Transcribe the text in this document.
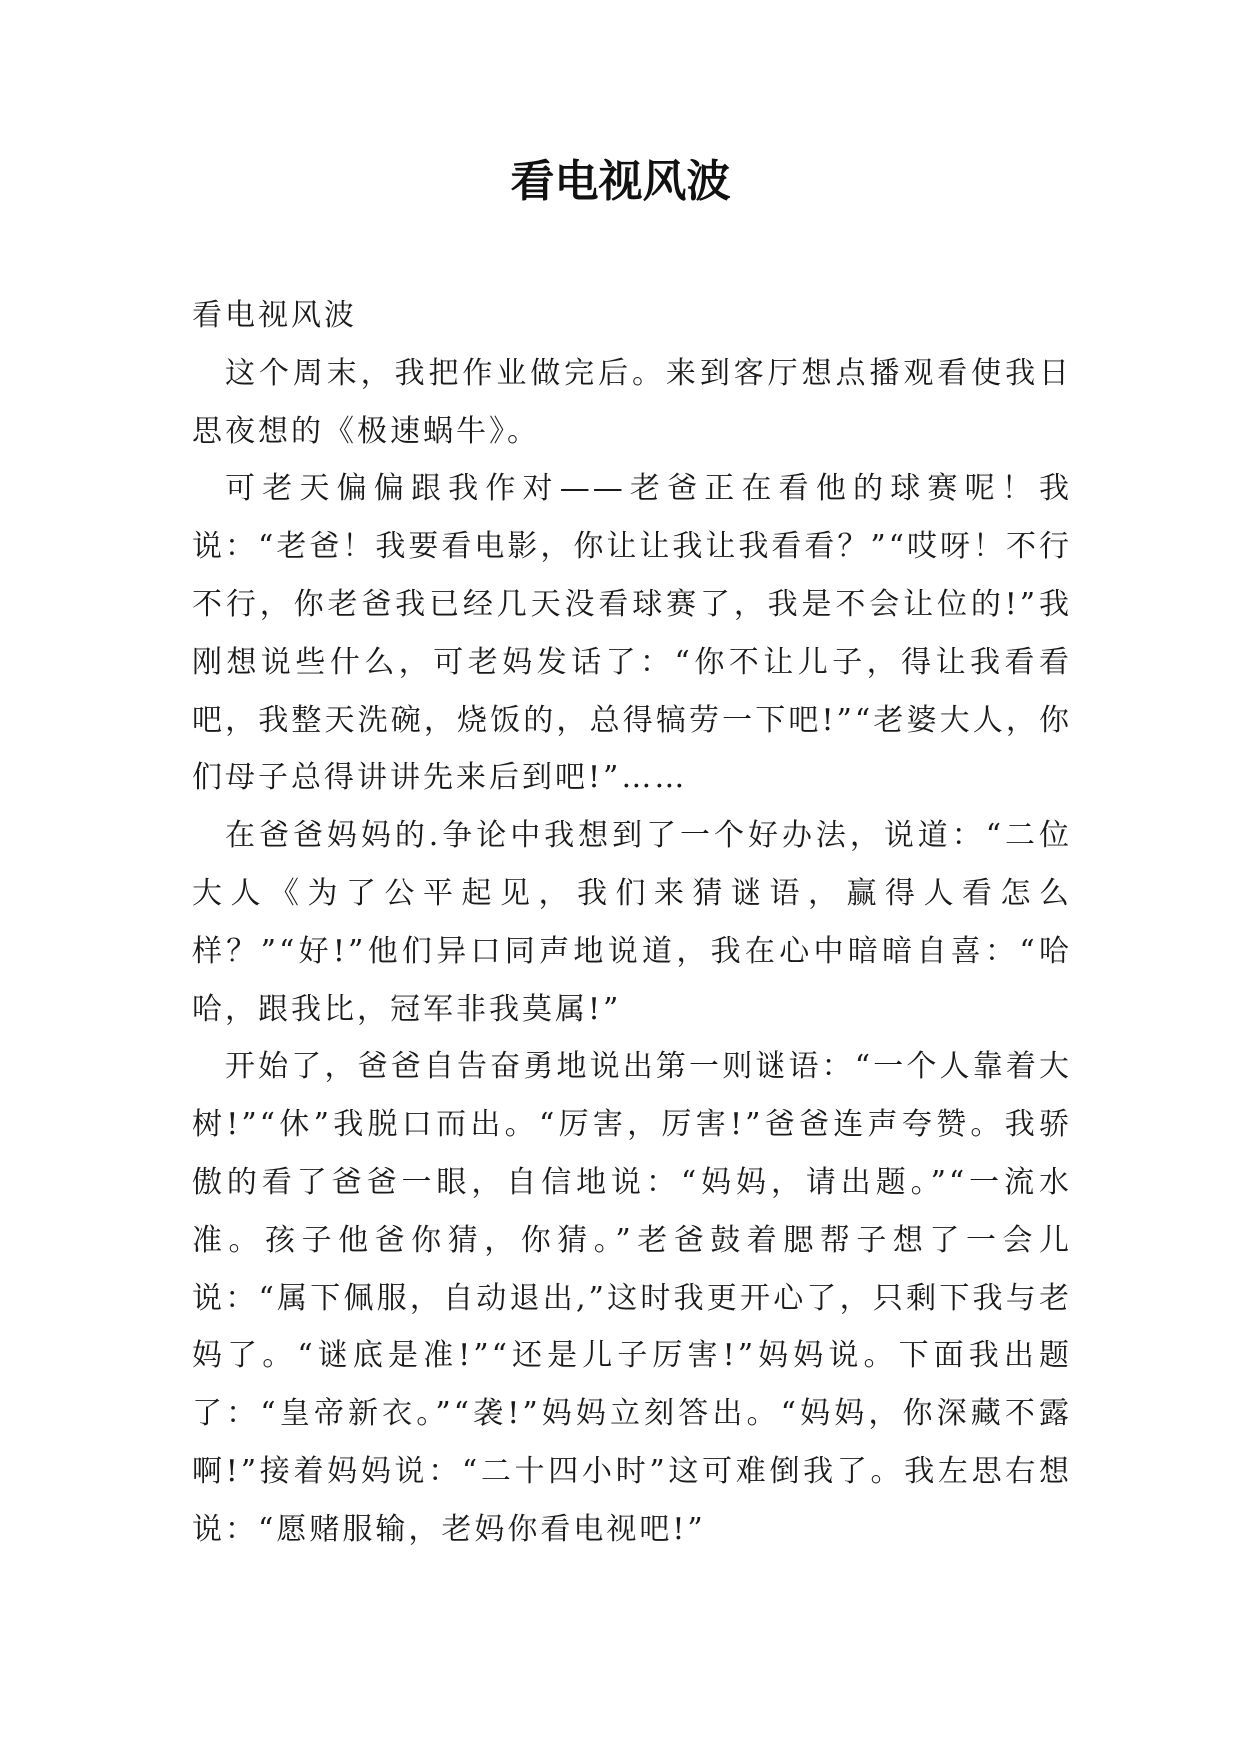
看电视风波

看电视风波

这个周末，我把作业做完后。来到客厅想点播观看使我日思夜想的《极速蜗牛》。

可老天偏偏跟我作对——老爸正在看他的球赛呢！我说：“老爸！我要看电影，你让让我让我看看？”“哎呀！不行不行，你老爸我已经几天没看球赛了，我是不会让位的!”我刚想说些什么，可老妈发话了：“你不让儿子，得让我看看吧，我整天洗碗，烧饭的，总得犒劳一下吧!”“老婆大人，你们母子总得讲讲先来后到吧!”……

在爸爸妈妈的.争论中我想到了一个好办法，说道：“二位大人《为了公平起见，我们来猜谜语，赢得人看怎么样？”“好!”他们异口同声地说道，我在心中暗暗自喜：“哈哈，跟我比，冠军非我莫属!”

开始了，爸爸自告奋勇地说出第一则谜语：“一个人靠着大树!”“休”我脱口而出。“厉害，厉害!”爸爸连声夸赞。我骄傲的看了爸爸一眼，自信地说：“妈妈，请出题。”“一流水准。孩子他爸你猜，你猜。”老爸鼓着腮帮子想了一会儿说：“属下佩服，自动退出,”这时我更开心了，只剩下我与老妈了。“谜底是准!”“还是儿子厉害!”妈妈说。下面我出题了：“皇帝新衣。”“袭!”妈妈立刻答出。“妈妈，你深藏不露啊!”接着妈妈说：“二十四小时”这可难倒我了。我左思右想说：“愿赌服输，老妈你看电视吧!”
